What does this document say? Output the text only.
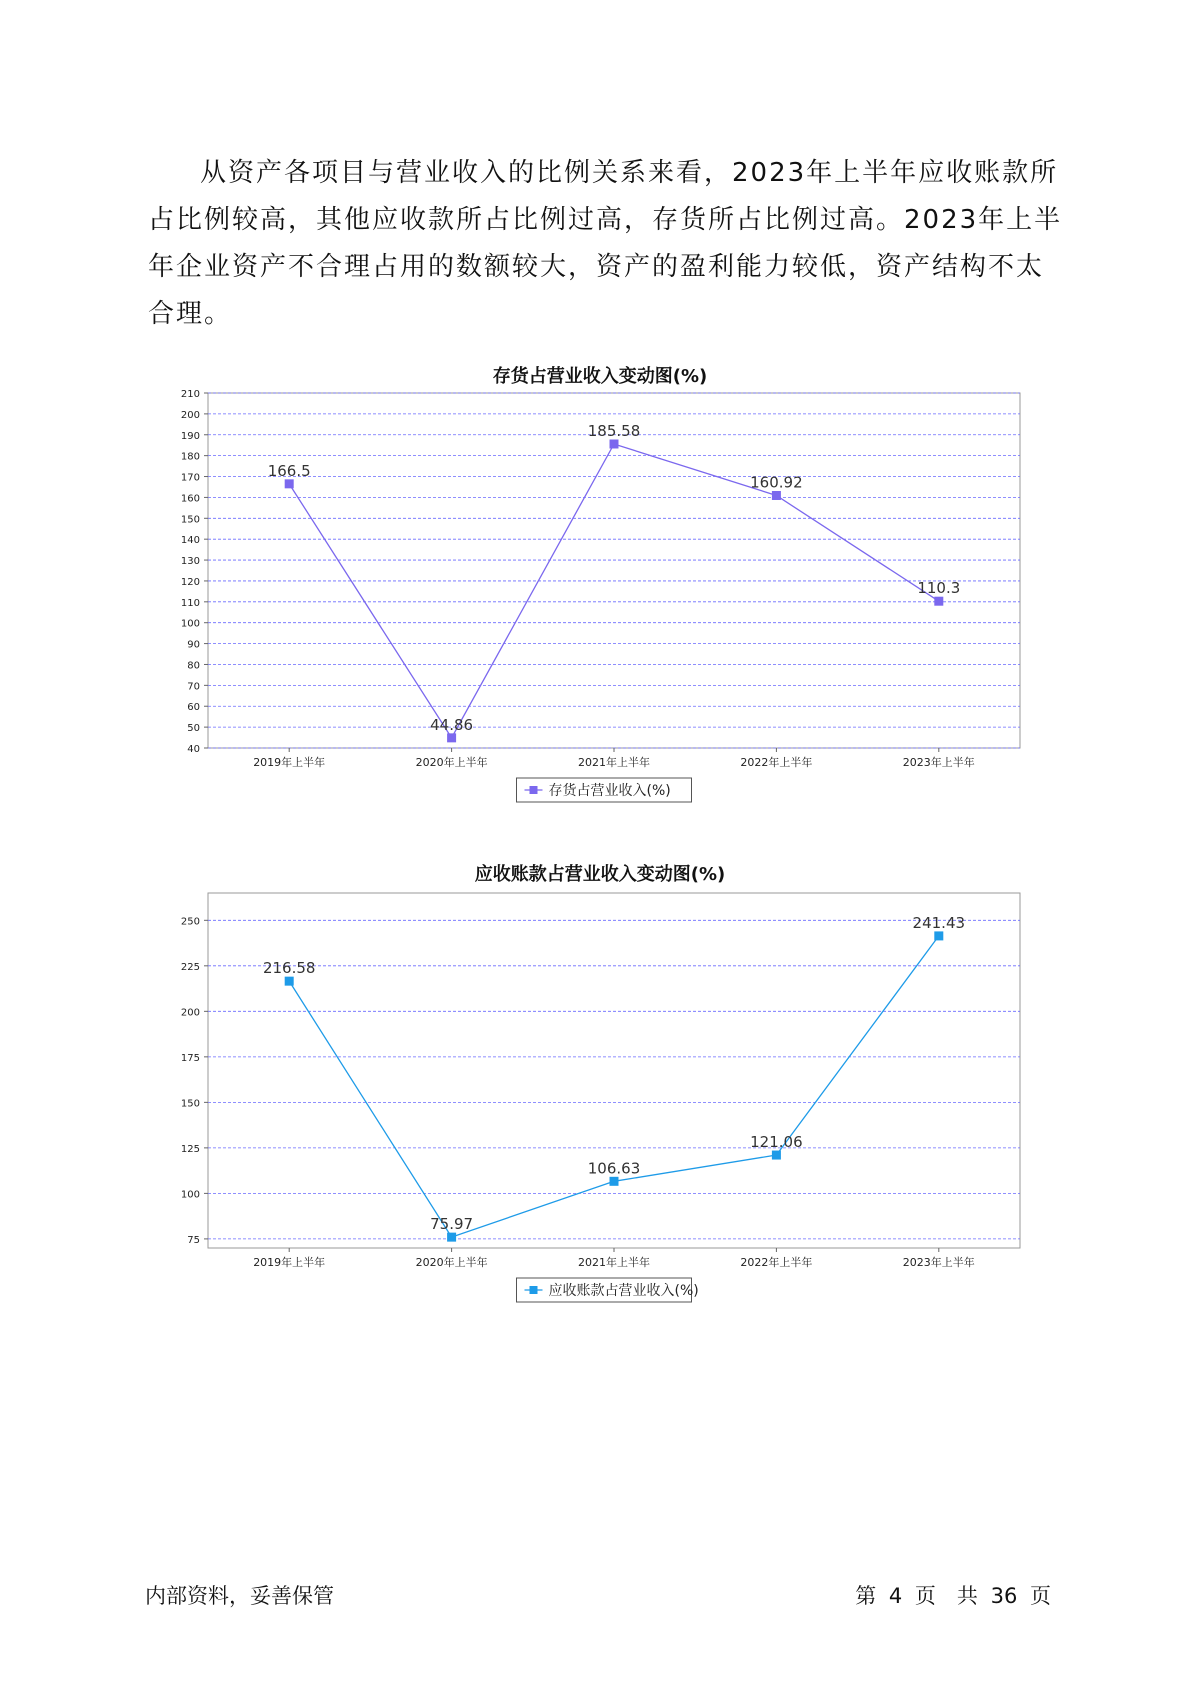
从资产各项目与营业收入的比例关系来看，2023年上半年应收账款所
占比例较高，其他应收款所占比例过高，存货所占比例过高。2023年上半
年企业资产不合理占用的数额较大，资产的盈利能力较低，资产结构不太
合理。
存货占营业收入变动图(%)
40
50
60
70
80
90
100
110
120
130
140
150
160
170
180
190
200
210
2019年上半年	2020年上半年	2021年上半年	2022年上半年	2023年上半年
166.5
44.86
185.58
160.92
110.3
存货占营业收入(%)
应收账款占营业收入变动图(%)
75
100
125
150
175
200
225
250
2019年上半年	2020年上半年	2021年上半年	2022年上半年	2023年上半年
216.58
75.97
106.63
121.06
241.43
应收账款占营业收入(%)
内部资料，妥善保管	第 4 页　共 36 页
